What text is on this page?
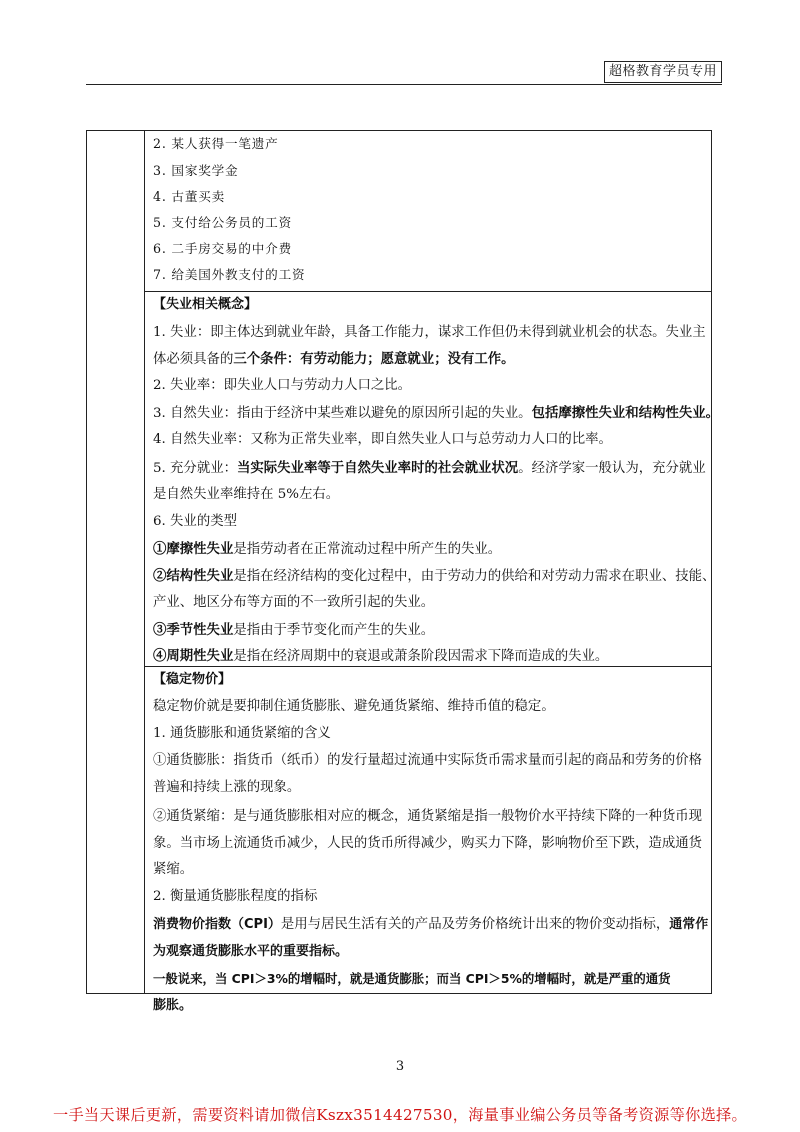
超格教育学员专用
2. 某人获得一笔遗产
3. 国家奖学金
4. 古董买卖
5. 支付给公务员的工资
6. 二手房交易的中介费
7. 给美国外教支付的工资
【失业相关概念】
1. 失业：即主体达到就业年龄，具备工作能力，谋求工作但仍未得到就业机会的状态。失业主
体必须具备的三个条件：有劳动能力；愿意就业；没有工作。
2. 失业率：即失业人口与劳动力人口之比。
3. 自然失业：指由于经济中某些难以避免的原因所引起的失业。包括摩擦性失业和结构性失业。
4. 自然失业率：又称为正常失业率，即自然失业人口与总劳动力人口的比率。
5. 充分就业：当实际失业率等于自然失业率时的社会就业状况。经济学家一般认为，充分就业
是自然失业率维持在 5%左右。
6. 失业的类型
①摩擦性失业是指劳动者在正常流动过程中所产生的失业。
②结构性失业是指在经济结构的变化过程中，由于劳动力的供给和对劳动力需求在职业、技能、
产业、地区分布等方面的不一致所引起的失业。
③季节性失业是指由于季节变化而产生的失业。
④周期性失业是指在经济周期中的衰退或萧条阶段因需求下降而造成的失业。
【稳定物价】
稳定物价就是要抑制住通货膨胀、避免通货紧缩、维持币值的稳定。
1. 通货膨胀和通货紧缩的含义
①通货膨胀：指货币（纸币）的发行量超过流通中实际货币需求量而引起的商品和劳务的价格
普遍和持续上涨的现象。
②通货紧缩：是与通货膨胀相对应的概念，通货紧缩是指一般物价水平持续下降的一种货币现
象。当市场上流通货币减少，人民的货币所得减少，购买力下降，影响物价至下跌，造成通货
紧缩。
2. 衡量通货膨胀程度的指标
消费物价指数（CPI）是用与居民生活有关的产品及劳务价格统计出来的物价变动指标，通常作
为观察通货膨胀水平的重要指标。
一般说来，当 CPI＞3%的增幅时，就是通货膨胀；而当 CPI＞5%的增幅时，就是严重的通货
膨胀。
3
一手当天课后更新，需要资料请加微信Kszx3514427530，海量事业编公务员等备考资源等你选择。
